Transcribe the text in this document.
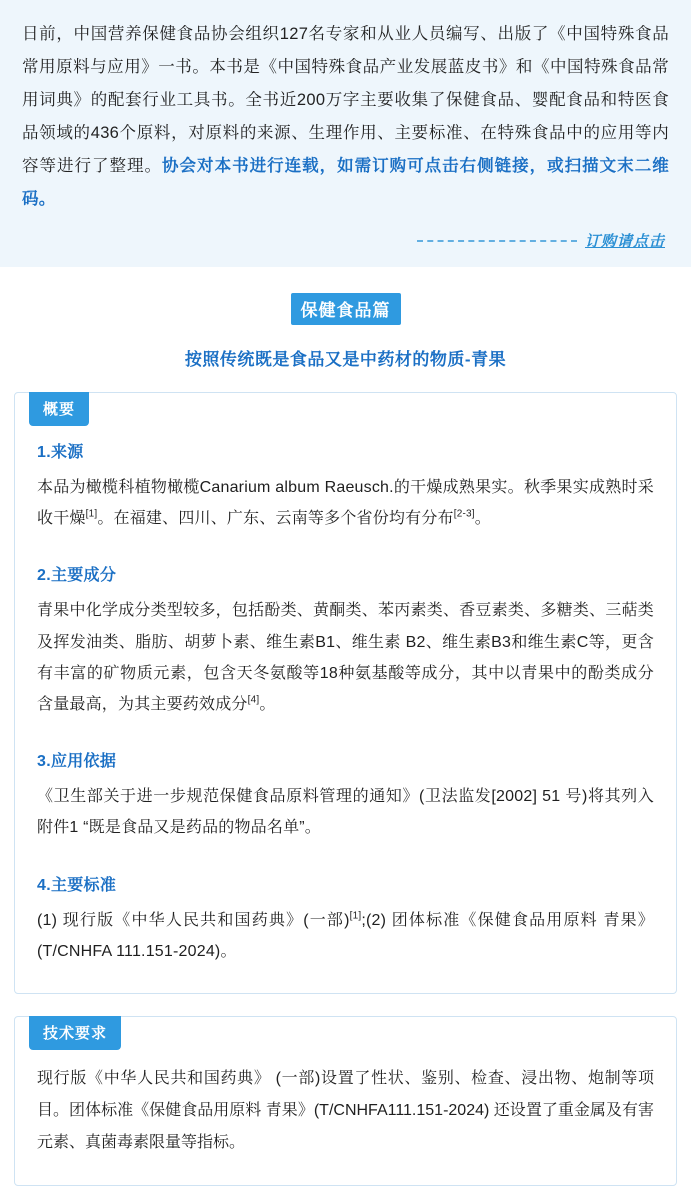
日前，中国营养保健食品协会组织127名专家和从业人员编写、出版了《中国特殊食品常用原料与应用》一书。本书是《中国特殊食品产业发展蓝皮书》和《中国特殊食品常用词典》的配套行业工具书。全书近200万字主要收集了保健食品、婴配食品和特医食品领域的436个原料，对原料的来源、生理作用、主要标准、在特殊食品中的应用等内容等进行了整理。协会对本书进行连载，如需订购可点击右侧链接，或扫描文末二维码。

订购请点击
保健食品篇
按照传统既是食品又是中药材的物质-青果
概要
1.来源

本品为橄榄科植物橄榄Canarium album Raeusch.的干燥成熟果实。秋季果实成熟时采收干燥[1]。在福建、四川、广东、云南等多个省份均有分布[2-3]。

2.主要成分

青果中化学成分类型较多，包括酚类、黄酮类、苯丙素类、香豆素类、多糖类、三萜类及挥发油类、脂肪、胡萝卜素、维生素B1、维生素 B2、维生素B3和维生素C等，更含有丰富的矿物质元素，包含天冬氨酸等18种氨基酸等成分，其中以青果中的酚类成分含量最高，为其主要药效成分[4]。

3.应用依据

《卫生部关于进一步规范保健食品原料管理的通知》(卫法监发[2002] 51 号)将其列入附件1 “既是食品又是药品的物品名单”。

4.主要标准

(1) 现行版《中华人民共和国药典》(一部)[1];(2) 团体标准《保健食品用原料 青果》(T/CNHFA 111.151-2024)。

技术要求

现行版《中华人民共和国药典》 (一部)设置了性状、鉴别、检查、浸出物、炮制等项目。团体标准《保健食品用原料 青果》(T/CNHFA111.151-2024) 还设置了重金属及有害元素、真菌毒素限量等指标。
